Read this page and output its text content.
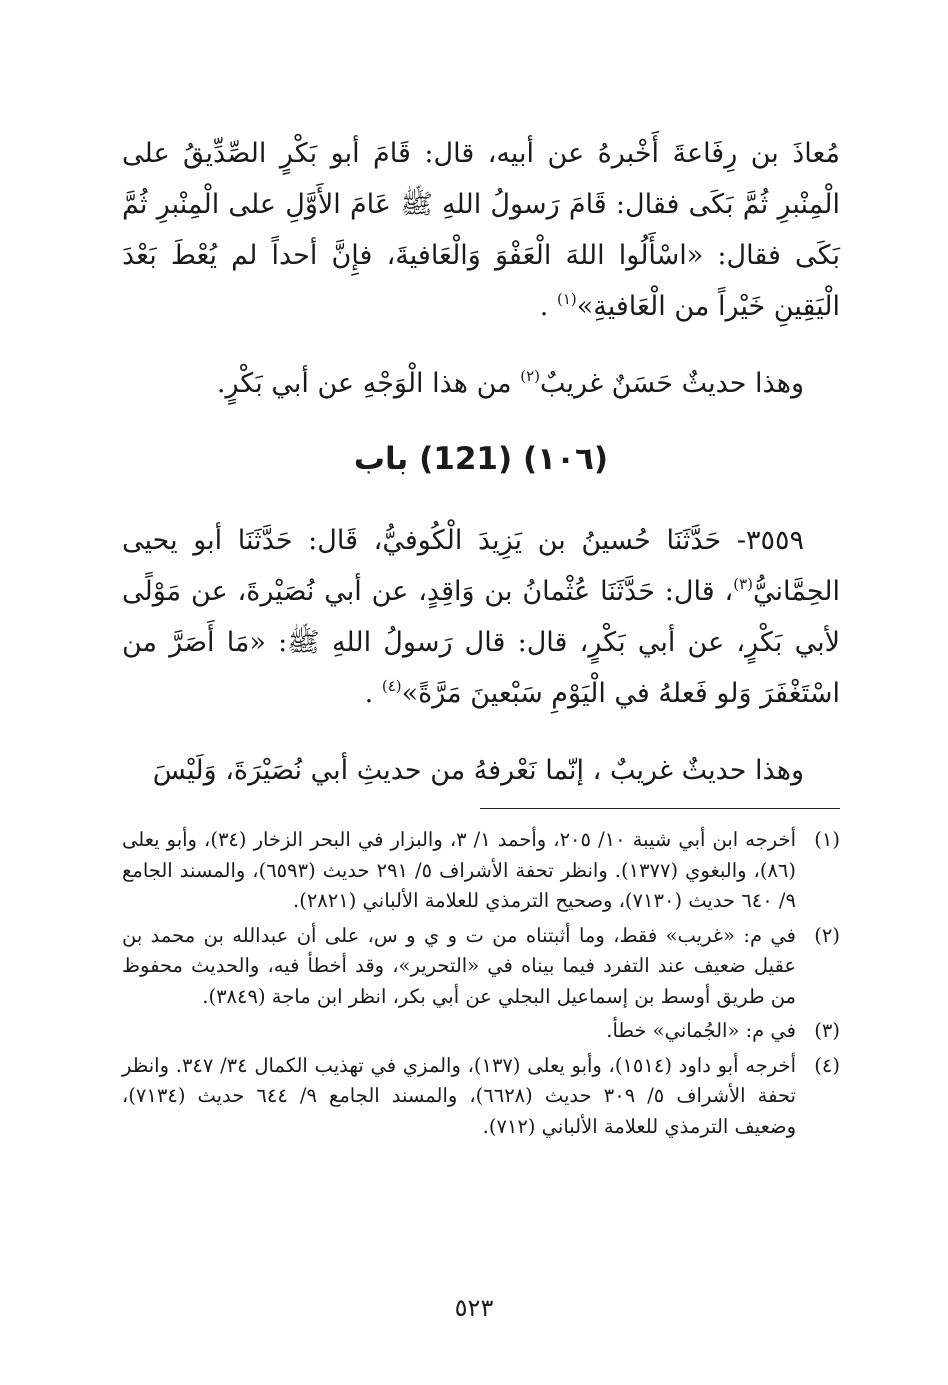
مُعاذَ بن رِفَاعةَ أَخْبرهُ عن أبيه، قال: قَامَ أبو بَكْرٍ الصِّدِّيقُ على الْمِنْبرِ ثُمَّ بَكَى فقال: قَامَ رَسولُ اللهِ ﷺ عَامَ الأَوَّلِ على الْمِنْبرِ ثُمَّ بَكَى فقال: «اسْأَلُوا اللهَ الْعَفْوَ وَالْعَافيةَ، فإِنَّ أحداً لم يُعْطَ بَعْدَ الْيَقِينِ خَيْراً من الْعَافيةِ»$^{(١)}$ .

وهذا حديثٌ حَسَنٌ غريبٌ$^{(٢)}$ من هذا الْوَجْهِ عن أبي بَكْرٍ.

(١٠٦) (121) باب

٣٥٥٩- حَدَّثَنَا حُسينُ بن يَزِيدَ الْكُوفيُّ، قَال: حَدَّثَنَا أبو يحيى الحِمَّانيُّ$^{(٣)}$، قال: حَدَّثَنَا عُثْمانُ بن وَاقِدٍ، عن أبي نُصَيْرةَ، عن مَوْلًى لأبي بَكْرٍ، عن أبي بَكْرٍ، قال: قال رَسولُ اللهِ ﷺ: «مَا أَصَرَّ من اسْتَغْفَرَ وَلو فَعلهُ في الْيَوْمِ سَبْعينَ مَرَّةً»$^{(٤)}$ .

وهذا حديثٌ غريبٌ ، إنّما نَعْرفهُ من حديثِ أبي نُصَيْرَةَ، وَلَيْسَ

(١)
أخرجه ابن أبي شيبة ١٠/ ٢٠٥، وأحمد ١/ ٣، والبزار في البحر الزخار (٣٤)، وأبو يعلى (٨٦)، والبغوي (١٣٧٧). وانظر تحفة الأشراف ٥/ ٢٩١ حديث (٦٥٩٣)، والمسند الجامع ٩/ ٦٤٠ حديث (٧١٣٠)، وصحيح الترمذي للعلامة الألباني (٢٨٢١).
(٢)
في م: «غريب» فقط، وما أثبتناه من ت و ي و س، على أن عبدالله بن محمد بن عقيل ضعيف عند التفرد فيما بيناه في «التحرير»، وقد أخطأ فيه، والحديث محفوظ من طريق أوسط بن إسماعيل البجلي عن أبي بكر، انظر ابن ماجة (٣٨٤٩).
(٣)
في م: «الجُماني» خطأ.
(٤)
أخرجه أبو داود (١٥١٤)، وأبو يعلى (١٣٧)، والمزي في تهذيب الكمال ٣٤/ ٣٤٧. وانظر تحفة الأشراف ٥/ ٣٠٩ حديث (٦٦٢٨)، والمسند الجامع ٩/ ٦٤٤ حديث (٧١٣٤)، وضعيف الترمذي للعلامة الألباني (٧١٢).
٥٢٣
